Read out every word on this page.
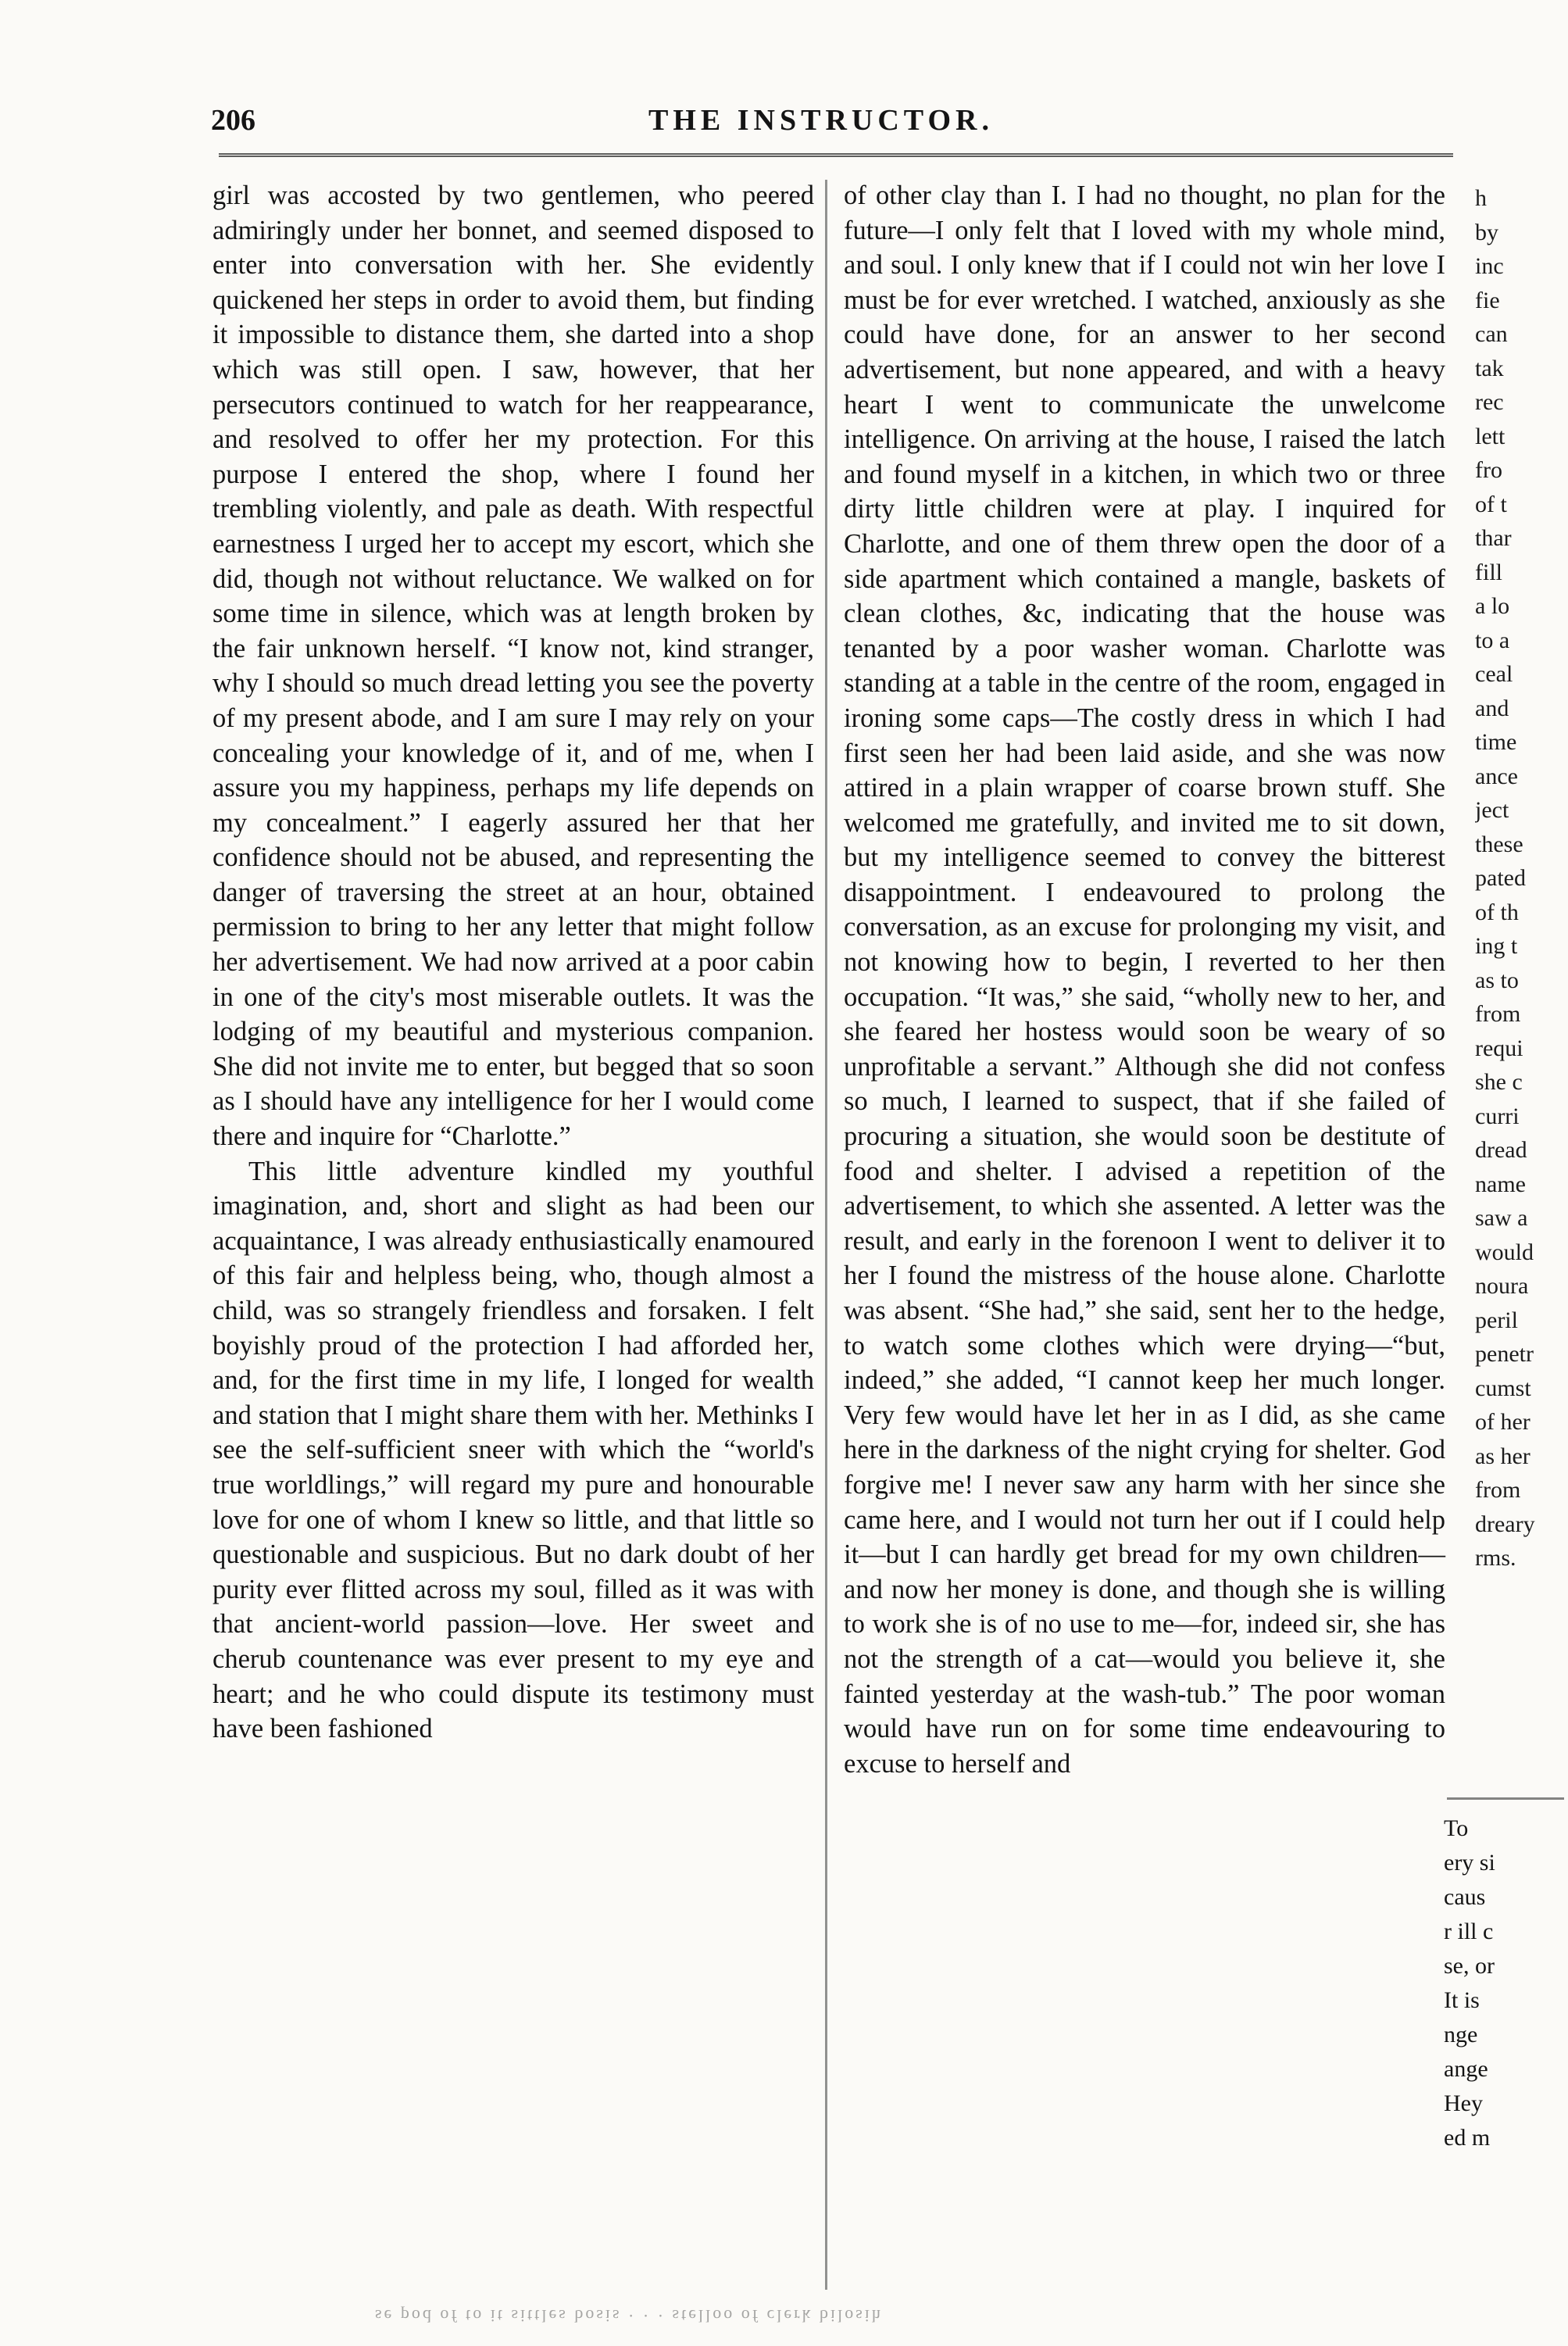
206	THE INSTRUCTOR.

girl was accosted by two gentlemen, who peered admiringly under her bonnet, and seemed disposed to enter into conversation with her. She evidently quickened her steps in order to avoid them, but finding it impossible to distance them, she darted into a shop which was still open. I saw, however, that her persecutors continued to watch for her reappearance, and resolved to offer her my protection. For this purpose I entered the shop, where I found her trembling violently, and pale as death. With respectful earnestness I urged her to accept my escort, which she did, though not without reluctance. We walked on for some time in silence, which was at length broken by the fair unknown herself. “I know not, kind stranger, why I should so much dread letting you see the poverty of my present abode, and I am sure I may rely on your concealing your knowledge of it, and of me, when I assure you my happiness, perhaps my life depends on my concealment.” I eagerly assured her that her confidence should not be abused, and representing the danger of traversing the street at an hour, obtained permission to bring to her any letter that might follow her advertisement. We had now arrived at a poor cabin in one of the city's most miserable outlets. It was the lodging of my beautiful and mysterious companion. She did not invite me to enter, but begged that so soon as I should have any intelligence for her I would come there and inquire for “Charlotte.”

This little adventure kindled my youthful imagination, and, short and slight as had been our acquaintance, I was already enthusiastically enamoured of this fair and helpless being, who, though almost a child, was so strangely friendless and forsaken. I felt boyishly proud of the protection I had afforded her, and, for the first time in my life, I longed for wealth and station that I might share them with her. Methinks I see the self-sufficient sneer with which the “world's true worldlings,” will regard my pure and honourable love for one of whom I knew so little, and that little so questionable and suspicious. But no dark doubt of her purity ever flitted across my soul, filled as it was with that ancient-world passion—love. Her sweet and cherub countenance was ever present to my eye and heart; and he who could dispute its testimony must have been fashioned

of other clay than I. I had no thought, no plan for the future—I only felt that I loved with my whole mind, and soul. I only knew that if I could not win her love I must be for ever wretched. I watched, anxiously as she could have done, for an answer to her second advertisement, but none appeared, and with a heavy heart I went to communicate the unwelcome intelligence. On arriving at the house, I raised the latch and found myself in a kitchen, in which two or three dirty little children were at play. I inquired for Charlotte, and one of them threw open the door of a side apartment which contained a mangle, baskets of clean clothes, &c, indicating that the house was tenanted by a poor washer woman. Charlotte was standing at a table in the centre of the room, engaged in ironing some caps—The costly dress in which I had first seen her had been laid aside, and she was now attired in a plain wrapper of coarse brown stuff. She welcomed me gratefully, and invited me to sit down, but my intelligence seemed to convey the bitterest disappointment. I endeavoured to prolong the conversation, as an excuse for prolonging my visit, and not knowing how to begin, I reverted to her then occupation. “It was,” she said, “wholly new to her, and she feared her hostess would soon be weary of so unprofitable a servant.” Although she did not confess so much, I learned to suspect, that if she failed of procuring a situation, she would soon be destitute of food and shelter. I advised a repetition of the advertisement, to which she assented. A letter was the result, and early in the forenoon I went to deliver it to her I found the mistress of the house alone. Charlotte was absent. “She had,” she said, sent her to the hedge, to watch some clothes which were drying—“but, indeed,” she added, “I cannot keep her much longer. Very few would have let her in as I did, as she came here in the darkness of the night crying for shelter. God forgive me! I never saw any harm with her since she came here, and I would not turn her out if I could help it—but I can hardly get bread for my own children—and now her money is done, and though she is willing to work she is of no use to me—for, indeed sir, she has not the strength of a cat—would you believe it, she fainted yesterday at the wash-tub.” The poor woman would have run on for some time endeavouring to excuse to herself and

h
by
inc
fie
can
tak
rec
lett
fro
of t
thar
fill
a lo
to a
ceal
and
time
ance
ject
these
pated
of th
ing t
as to
from
requi
she c
curri
dread
name
saw a
would
noura
peril
penetr
cumst
of her
as her
from
dreary
rms.
To
ery si
caus
r ill c
se, or
It is
nge
ange
Hey
ed m
se pod of to it sittles bosis · · · stelloo of clerk bilosih
